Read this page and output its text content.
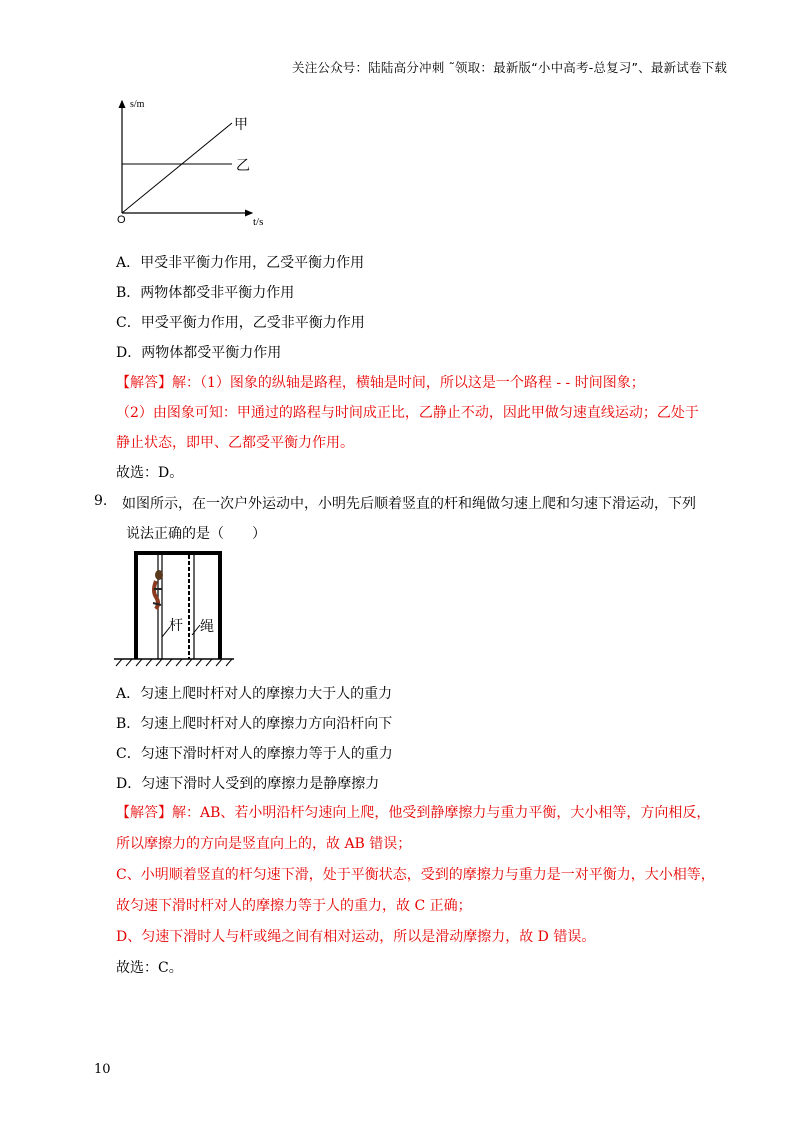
关注公众号：陆陆高分冲刺 ˜领取：最新版“小中高考-总复习”、最新试卷下载
s/m
t/s
O
甲
乙
A．甲受非平衡力作用，乙受平衡力作用
B．两物体都受非平衡力作用
C．甲受平衡力作用，乙受非平衡力作用
D．两物体都受平衡力作用
【解答】解：（1）图象的纵轴是路程，横轴是时间，所以这是一个路程 - - 时间图象；
（2）由图象可知：甲通过的路程与时间成正比，乙静止不动，因此甲做匀速直线运动；乙处于
静止状态，即甲、乙都受平衡力作用。
故选：D。
9. 如图所示，在一次户外运动中，小明先后顺着竖直的杆和绳做匀速上爬和匀速下滑运动，下列
说法正确的是（　　）
杆 绳
A．匀速上爬时杆对人的摩擦力大于人的重力
B．匀速上爬时杆对人的摩擦力方向沿杆向下
C．匀速下滑时杆对人的摩擦力等于人的重力
D．匀速下滑时人受到的摩擦力是静摩擦力
【解答】解：AB、若小明沿杆匀速向上爬，他受到静摩擦力与重力平衡，大小相等，方向相反，
所以摩擦力的方向是竖直向上的，故 AB 错误；
C、小明顺着竖直的杆匀速下滑，处于平衡状态，受到的摩擦力与重力是一对平衡力，大小相等，
故匀速下滑时杆对人的摩擦力等于人的重力，故 C 正确；
D、匀速下滑时人与杆或绳之间有相对运动，所以是滑动摩擦力，故 D 错误。
故选：C。
10
